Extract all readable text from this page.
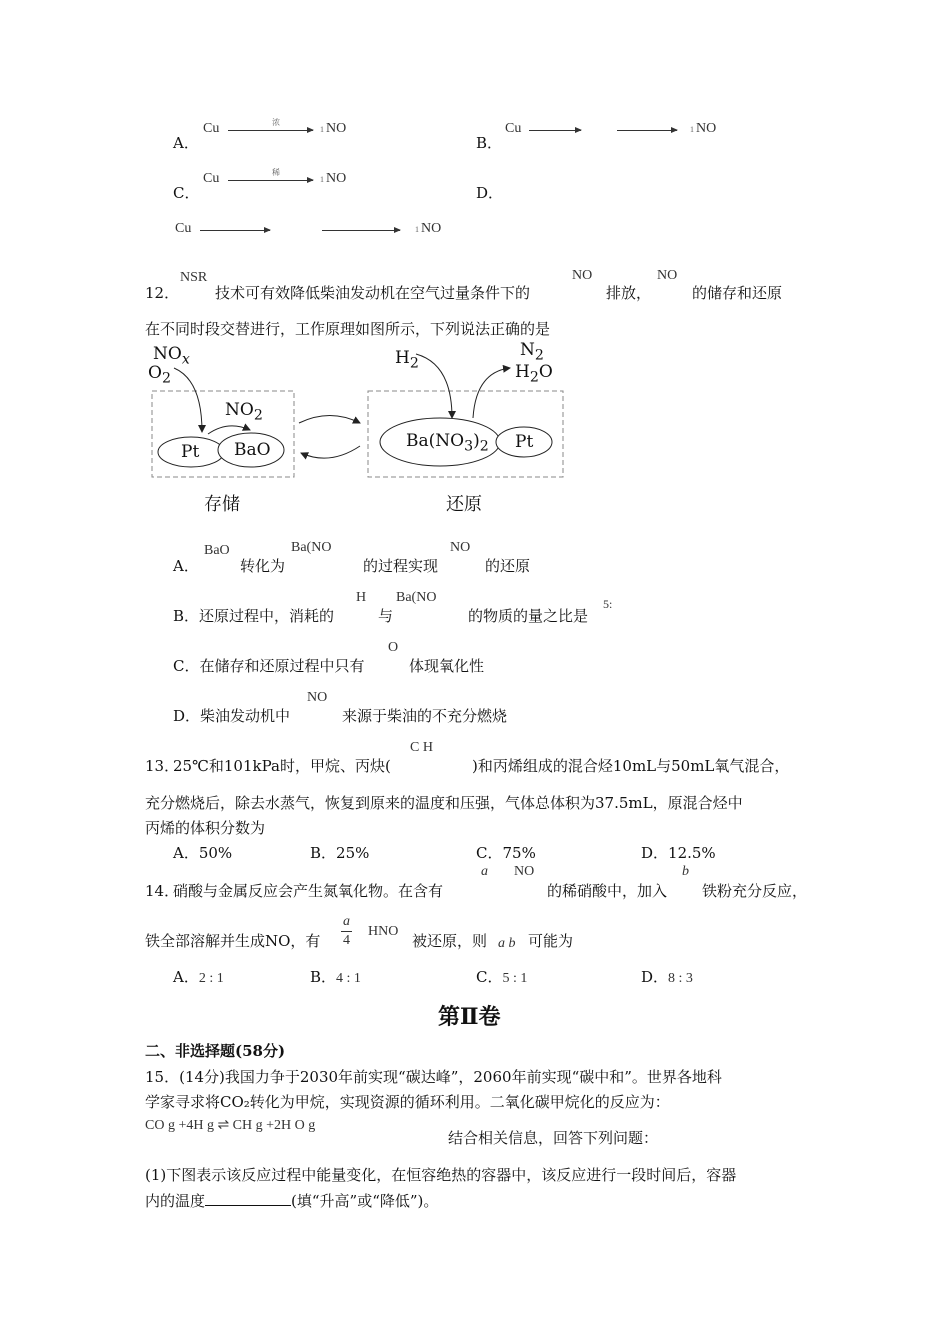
A．
Cu	浓
1 NO
B．
Cu	1 NO
C．
Cu	稀
1 NO
D．
Cu	1 NO
12．
NSR
技术可有效降低柴油发动机在空气过量条件下的
NO
排放，
NO
的储存和还原
在不同时段交替进行，工作原理如图所示，下列说法正确的是
$NO_x$
$O_2$
$NO_2$
Pt BaO
$H_2$
$N_2$
$H_2O$
$Ba(NO_3)_2$ Pt
存储	还原
A．
BaO
转化为
Ba(NO
的过程实现
NO
的还原
B．还原过程中，消耗的
H
与
Ba(NO
的物质的量之比是
5:
C．在储存和还原过程中只有
O
体现氧化性
D．柴油发动机中
NO
来源于柴油的不充分燃烧
13．
25℃和101kPa时，甲烷、丙炔(
C H
)和丙烯组成的混合烃10mL与50mL氧气混合，
充分燃烧后，除去水蒸气，恢复到原来的温度和压强，气体总体积为37.5mL，原混合烃中
丙烯的体积分数为
A．50%	B．25%	C．75%	D．12.5%
14．
硝酸与金属反应会产生氮氧化物。在含有
a NO
的稀硝酸中，加入
b
铁粉充分反应，
铁全部溶解并生成NO，有
a
4
HNO
被还原，则 a b 可能为
A．2 : 1	B．4 : 1	C．5 : 1	D．8 : 3
第Ⅱ卷
二、非选择题(58分)
15．(14分)我国力争于2030年前实现“碳达峰”，2060年前实现“碳中和”。世界各地科
学家寻求将CO₂转化为甲烷，实现资源的循环利用。二氧化碳甲烷化的反应为：
CO g +4H g ⇌ CH g +2H O g
结合相关信息，回答下列问题：
(1)下图表示该反应过程中能量变化，在恒容绝热的容器中，该反应进行一段时间后，容器
内的温度	(填“升高”或“降低”)。
